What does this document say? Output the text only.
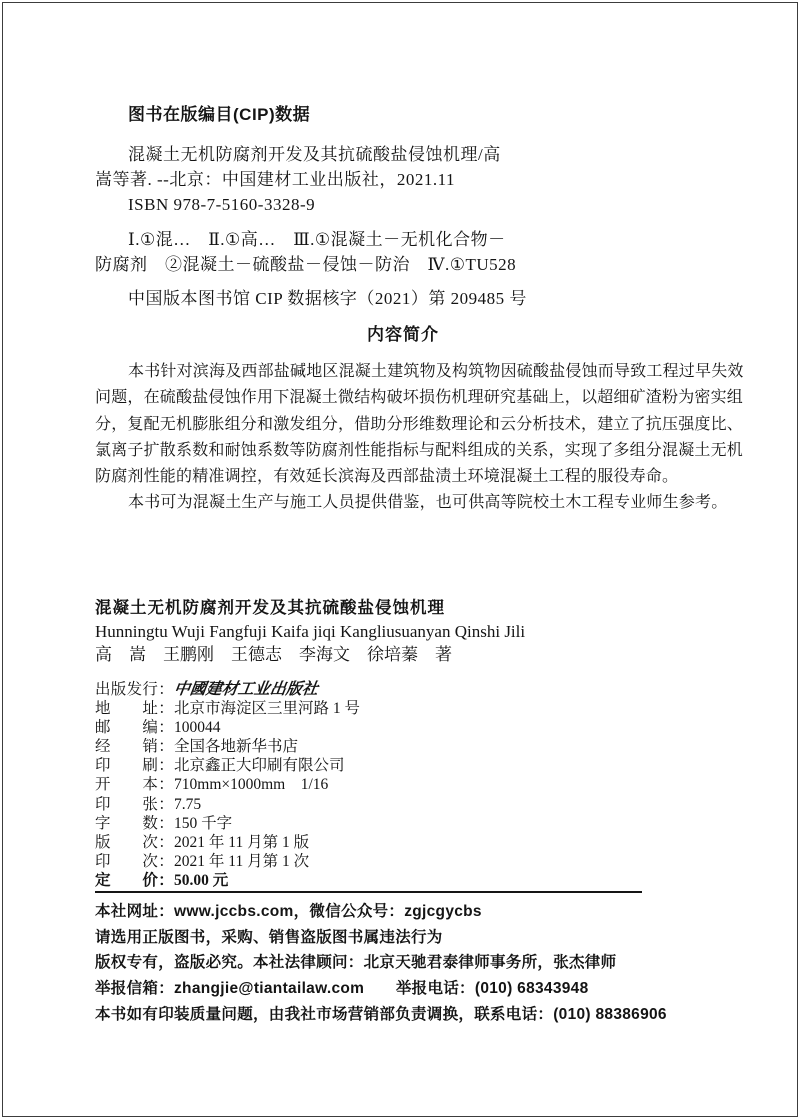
图书在版编目(CIP)数据
混凝土无机防腐剂开发及其抗硫酸盐侵蚀机理/高
嵩等著. --北京：中国建材工业出版社，2021.11
ISBN 978-7-5160-3328-9
Ⅰ.①混…　Ⅱ.①高…　Ⅲ.①混凝土－无机化合物－
防腐剂　②混凝土－硫酸盐－侵蚀－防治　Ⅳ.①TU528
中国版本图书馆 CIP 数据核字（2021）第 209485 号
内容简介
本书针对滨海及西部盐碱地区混凝土建筑物及构筑物因硫酸盐侵蚀而导致工程过早失效
问题，在硫酸盐侵蚀作用下混凝土微结构破坏损伤机理研究基础上，以超细矿渣粉为密实组
分，复配无机膨胀组分和激发组分，借助分形维数理论和云分析技术，建立了抗压强度比、
氯离子扩散系数和耐蚀系数等防腐剂性能指标与配料组成的关系，实现了多组分混凝土无机
防腐剂性能的精准调控，有效延长滨海及西部盐渍土环境混凝土工程的服役寿命。
本书可为混凝土生产与施工人员提供借鉴，也可供高等院校土木工程专业师生参考。
混凝土无机防腐剂开发及其抗硫酸盐侵蚀机理
Hunningtu Wuji Fangfuji Kaifa jiqi Kangliusuanyan Qinshi Jili
高　嵩　王鹏刚　王德志　李海文　徐培蓁　著
出版发行：中國建材工业出版社
地　　址：北京市海淀区三里河路 1 号
邮　　编：100044
经　　销：全国各地新华书店
印　　刷：北京鑫正大印刷有限公司
开　　本：710mm×1000mm　1/16
印　　张：7.75
字　　数：150 千字
版　　次：2021 年 11 月第 1 版
印　　次：2021 年 11 月第 1 次
定　　价：50.00 元
本社网址：www.jccbs.com，微信公众号：zgjcgycbs
请选用正版图书，采购、销售盗版图书属违法行为
版权专有，盗版必究。本社法律顾问：北京天驰君泰律师事务所，张杰律师
举报信箱：zhangjie@tiantailaw.com　　举报电话：(010) 68343948
本书如有印装质量问题，由我社市场营销部负责调换，联系电话：(010) 88386906
